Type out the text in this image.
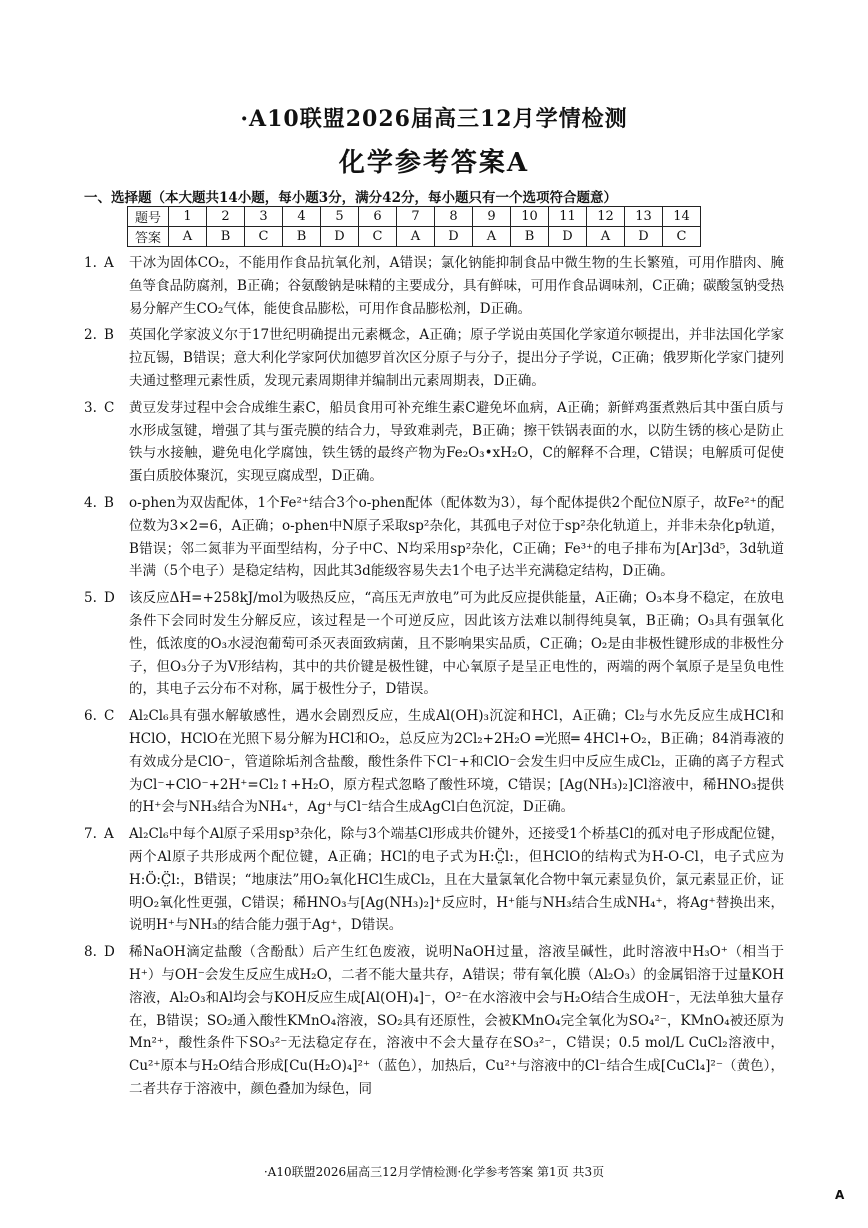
·A10联盟2026届高三12月学情检测
化学参考答案A
一、选择题（本大题共14小题，每小题3分，满分42分，每小题只有一个选项符合题意）
题号	1	2	3	4	5	6	7	8	9	10	11	12	13	14
答案	A	B	C	B	D	C	A	D	A	B	D	A	D	C
1. A 干冰为固体CO₂，不能用作食品抗氧化剂，A错误；氯化钠能抑制食品中微生物的生长繁殖，可用作腊肉、腌鱼等食品防腐剂，B正确；谷氨酸钠是味精的主要成分，具有鲜味，可用作食品调味剂，C正确；碳酸氢钠受热易分解产生CO₂气体，能使食品膨松，可用作食品膨松剂，D正确。
2. B 英国化学家波义尔于17世纪明确提出元素概念，A正确；原子学说由英国化学家道尔顿提出，并非法国化学家拉瓦锡，B错误；意大利化学家阿伏加德罗首次区分原子与分子，提出分子学说，C正确；俄罗斯化学家门捷列夫通过整理元素性质，发现元素周期律并编制出元素周期表，D正确。
3. C 黄豆发芽过程中会合成维生素C，船员食用可补充维生素C避免坏血病，A正确；新鲜鸡蛋煮熟后其中蛋白质与水形成氢键，增强了其与蛋壳膜的结合力，导致难剥壳，B正确；擦干铁锅表面的水，以防生锈的核心是防止铁与水接触，避免电化学腐蚀，铁生锈的最终产物为Fe₂O₃•xH₂O，C的解释不合理，C错误；电解质可促使蛋白质胶体聚沉，实现豆腐成型，D正确。
4. B o-phen为双齿配体，1个Fe²⁺结合3个o-phen配体（配体数为3），每个配体提供2个配位N原子，故Fe²⁺的配位数为3×2=6，A正确；o-phen中N原子采取sp²杂化，其孤电子对位于sp²杂化轨道上，并非未杂化p轨道，B错误；邻二氮菲为平面型结构，分子中C、N均采用sp²杂化，C正确；Fe³⁺的电子排布为[Ar]3d⁵，3d轨道半满（5个电子）是稳定结构，因此其3d能级容易失去1个电子达半充满稳定结构，D正确。
5. D 该反应ΔH=+258kJ/mol为吸热反应，“高压无声放电”可为此反应提供能量，A正确；O₃本身不稳定，在放电条件下会同时发生分解反应，该过程是一个可逆反应，因此该方法难以制得纯臭氧，B正确；O₃具有强氧化性，低浓度的O₃水浸泡葡萄可杀灭表面致病菌，且不影响果实品质，C正确；O₂是由非极性键形成的非极性分子，但O₃分子为V形结构，其中的共价键是极性键，中心氧原子是呈正电性的，两端的两个氧原子是呈负电性的，其电子云分布不对称，属于极性分子，D错误。
6. C Al₂Cl₆具有强水解敏感性，遇水会剧烈反应，生成Al(OH)₃沉淀和HCl，A正确；Cl₂与水先反应生成HCl和HClO，HClO在光照下易分解为HCl和O₂，总反应为2Cl₂+2H₂O ═光照═ 4HCl+O₂，B正确；84消毒液的有效成分是ClO⁻，管道除垢剂含盐酸，酸性条件下Cl⁻+和ClO⁻会发生归中反应生成Cl₂，正确的离子方程式为Cl⁻+ClO⁻+2H⁺=Cl₂↑+H₂O，原方程式忽略了酸性环境，C错误；[Ag(NH₃)₂]Cl溶液中，稀HNO₃提供的H⁺会与NH₃结合为NH₄⁺，Ag⁺与Cl⁻结合生成AgCl白色沉淀，D正确。
7. A Al₂Cl₆中每个Al原子采用sp³杂化，除与3个端基Cl形成共价键外，还接受1个桥基Cl的孤对电子形成配位键，两个Al原子共形成两个配位键，A正确；HCl的电子式为H:C̤̈l:，但HClO的结构式为H-O-Cl，电子式应为H:Ö:C̤̈l:，B错误；“地康法”用O₂氧化HCl生成Cl₂，且在大量氯氧化合物中氧元素显负价，氯元素显正价，证明O₂氧化性更强，C错误；稀HNO₃与[Ag(NH₃)₂]⁺反应时，H⁺能与NH₃结合生成NH₄⁺，将Ag⁺替换出来，说明H⁺与NH₃的结合能力强于Ag⁺，D错误。
8. D 稀NaOH滴定盐酸（含酚酞）后产生红色废液，说明NaOH过量，溶液呈碱性，此时溶液中H₃O⁺（相当于H⁺）与OH⁻会发生反应生成H₂O，二者不能大量共存，A错误；带有氧化膜（Al₂O₃）的金属铝溶于过量KOH溶液，Al₂O₃和Al均会与KOH反应生成[Al(OH)₄]⁻，O²⁻在水溶液中会与H₂O结合生成OH⁻，无法单独大量存在，B错误；SO₂通入酸性KMnO₄溶液，SO₂具有还原性，会被KMnO₄完全氧化为SO₄²⁻，KMnO₄被还原为Mn²⁺，酸性条件下SO₃²⁻无法稳定存在，溶液中不会大量存在SO₃²⁻，C错误；0.5 mol/L CuCl₂溶液中，Cu²⁺原本与H₂O结合形成[Cu(H₂O)₄]²⁺（蓝色），加热后，Cu²⁺与溶液中的Cl⁻结合生成[CuCl₄]²⁻（黄色），二者共存于溶液中，颜色叠加为绿色，同
·A10联盟2026届高三12月学情检测·化学参考答案 第1页 共3页
A
